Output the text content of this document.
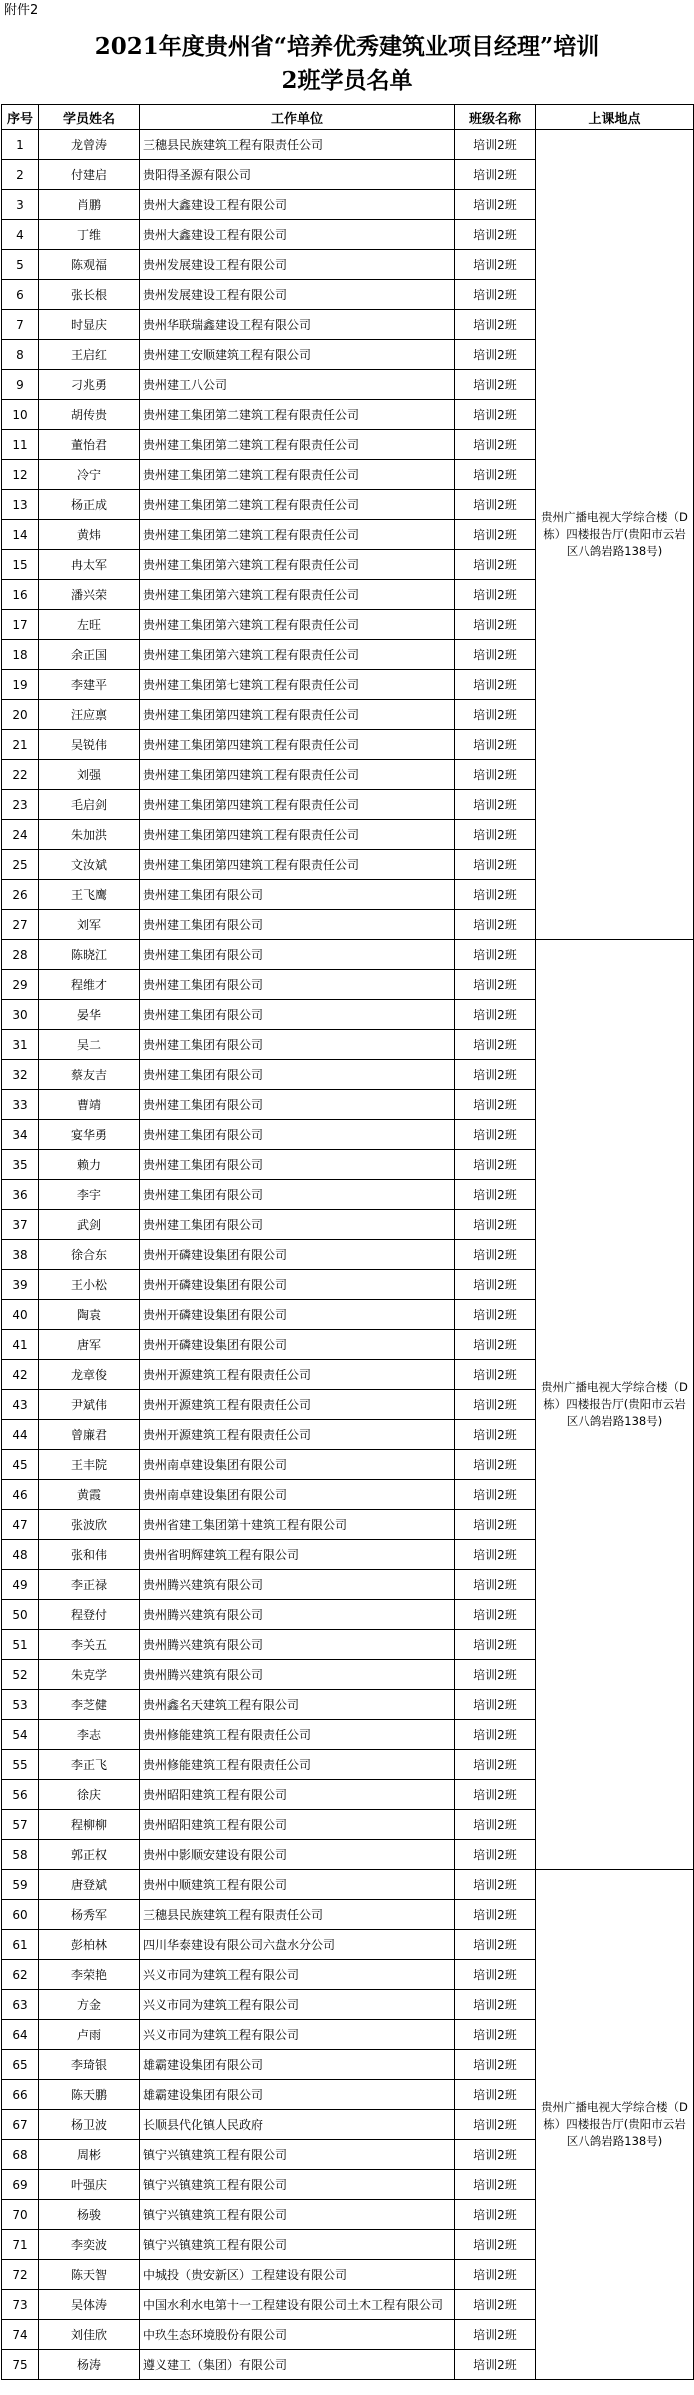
附件2
2021年度贵州省“培养优秀建筑业项目经理”培训
2班学员名单
序号	学员姓名	工作单位	班级名称	上课地点
1	龙曾涛	三穗县民族建筑工程有限责任公司	培训2班	贵州广播电视大学综合楼（D栋）四楼报告厅(贵阳市云岩区八鸽岩路138号)
2	付建启	贵阳得圣源有限公司	培训2班	
3	肖鹏	贵州大鑫建设工程有限公司	培训2班	
4	丁维	贵州大鑫建设工程有限公司	培训2班	
5	陈观福	贵州发展建设工程有限公司	培训2班	
6	张长根	贵州发展建设工程有限公司	培训2班	
7	时显庆	贵州华联瑞鑫建设工程有限公司	培训2班	
8	王启红	贵州建工安顺建筑工程有限公司	培训2班	
9	刁兆勇	贵州建工八公司	培训2班	
10	胡传贵	贵州建工集团第二建筑工程有限责任公司	培训2班	
11	董怡君	贵州建工集团第二建筑工程有限责任公司	培训2班	
12	冷宁	贵州建工集团第二建筑工程有限责任公司	培训2班	
13	杨正成	贵州建工集团第二建筑工程有限责任公司	培训2班	
14	黄炜	贵州建工集团第二建筑工程有限责任公司	培训2班	
15	冉太军	贵州建工集团第六建筑工程有限责任公司	培训2班	
16	潘兴荣	贵州建工集团第六建筑工程有限责任公司	培训2班	
17	左旺	贵州建工集团第六建筑工程有限责任公司	培训2班	
18	余正国	贵州建工集团第六建筑工程有限责任公司	培训2班	
19	李建平	贵州建工集团第七建筑工程有限责任公司	培训2班	
20	汪应禀	贵州建工集团第四建筑工程有限责任公司	培训2班	
21	吴锐伟	贵州建工集团第四建筑工程有限责任公司	培训2班	
22	刘强	贵州建工集团第四建筑工程有限责任公司	培训2班	
23	毛启剑	贵州建工集团第四建筑工程有限责任公司	培训2班	
24	朱加洪	贵州建工集团第四建筑工程有限责任公司	培训2班	
25	文汝斌	贵州建工集团第四建筑工程有限责任公司	培训2班	
26	王飞鹰	贵州建工集团有限公司	培训2班	
27	刘军	贵州建工集团有限公司	培训2班	
28	陈晓江	贵州建工集团有限公司	培训2班	贵州广播电视大学综合楼（D栋）四楼报告厅(贵阳市云岩区八鸽岩路138号)
29	程维才	贵州建工集团有限公司	培训2班	
30	晏华	贵州建工集团有限公司	培训2班	
31	吴二	贵州建工集团有限公司	培训2班	
32	蔡友吉	贵州建工集团有限公司	培训2班	
33	曹靖	贵州建工集团有限公司	培训2班	
34	宴华勇	贵州建工集团有限公司	培训2班	
35	赖力	贵州建工集团有限公司	培训2班	
36	李宇	贵州建工集团有限公司	培训2班	
37	武剑	贵州建工集团有限公司	培训2班	
38	徐合东	贵州开磷建设集团有限公司	培训2班	
39	王小松	贵州开磷建设集团有限公司	培训2班	
40	陶袁	贵州开磷建设集团有限公司	培训2班	
41	唐军	贵州开磷建设集团有限公司	培训2班	
42	龙章俊	贵州开源建筑工程有限责任公司	培训2班	
43	尹斌伟	贵州开源建筑工程有限责任公司	培训2班	
44	曾廉君	贵州开源建筑工程有限责任公司	培训2班	
45	王丰院	贵州南卓建设集团有限公司	培训2班	
46	黄霞	贵州南卓建设集团有限公司	培训2班	
47	张波欣	贵州省建工集团第十建筑工程有限公司	培训2班	
48	张和伟	贵州省明辉建筑工程有限公司	培训2班	
49	李正禄	贵州腾兴建筑有限公司	培训2班	
50	程登付	贵州腾兴建筑有限公司	培训2班	
51	李关五	贵州腾兴建筑有限公司	培训2班	
52	朱克学	贵州腾兴建筑有限公司	培训2班	
53	李芝健	贵州鑫名天建筑工程有限公司	培训2班	
54	李志	贵州修能建筑工程有限责任公司	培训2班	
55	李正飞	贵州修能建筑工程有限责任公司	培训2班	
56	徐庆	贵州昭阳建筑工程有限公司	培训2班	
57	程柳柳	贵州昭阳建筑工程有限公司	培训2班	
58	郭正权	贵州中影顺安建设有限公司	培训2班	
59	唐登斌	贵州中顺建筑工程有限公司	培训2班	贵州广播电视大学综合楼（D栋）四楼报告厅(贵阳市云岩区八鸽岩路138号)
60	杨秀军	三穗县民族建筑工程有限责任公司	培训2班	
61	彭柏林	四川华泰建设有限公司六盘水分公司	培训2班	
62	李荣艳	兴义市同为建筑工程有限公司	培训2班	
63	方金	兴义市同为建筑工程有限公司	培训2班	
64	卢雨	兴义市同为建筑工程有限公司	培训2班	
65	李琦银	雄霸建设集团有限公司	培训2班	
66	陈天鹏	雄霸建设集团有限公司	培训2班	
67	杨卫波	长顺县代化镇人民政府	培训2班	
68	周彬	镇宁兴镇建筑工程有限公司	培训2班	
69	叶强庆	镇宁兴镇建筑工程有限公司	培训2班	
70	杨骏	镇宁兴镇建筑工程有限公司	培训2班	
71	李奕波	镇宁兴镇建筑工程有限公司	培训2班	
72	陈天智	中城投（贵安新区）工程建设有限公司	培训2班	
73	吴体涛	中国水利水电第十一工程建设有限公司土木工程有限公司	培训2班	
74	刘佳欣	中玖生态环境股份有限公司	培训2班	
75	杨涛	遵义建工（集团）有限公司	培训2班	
